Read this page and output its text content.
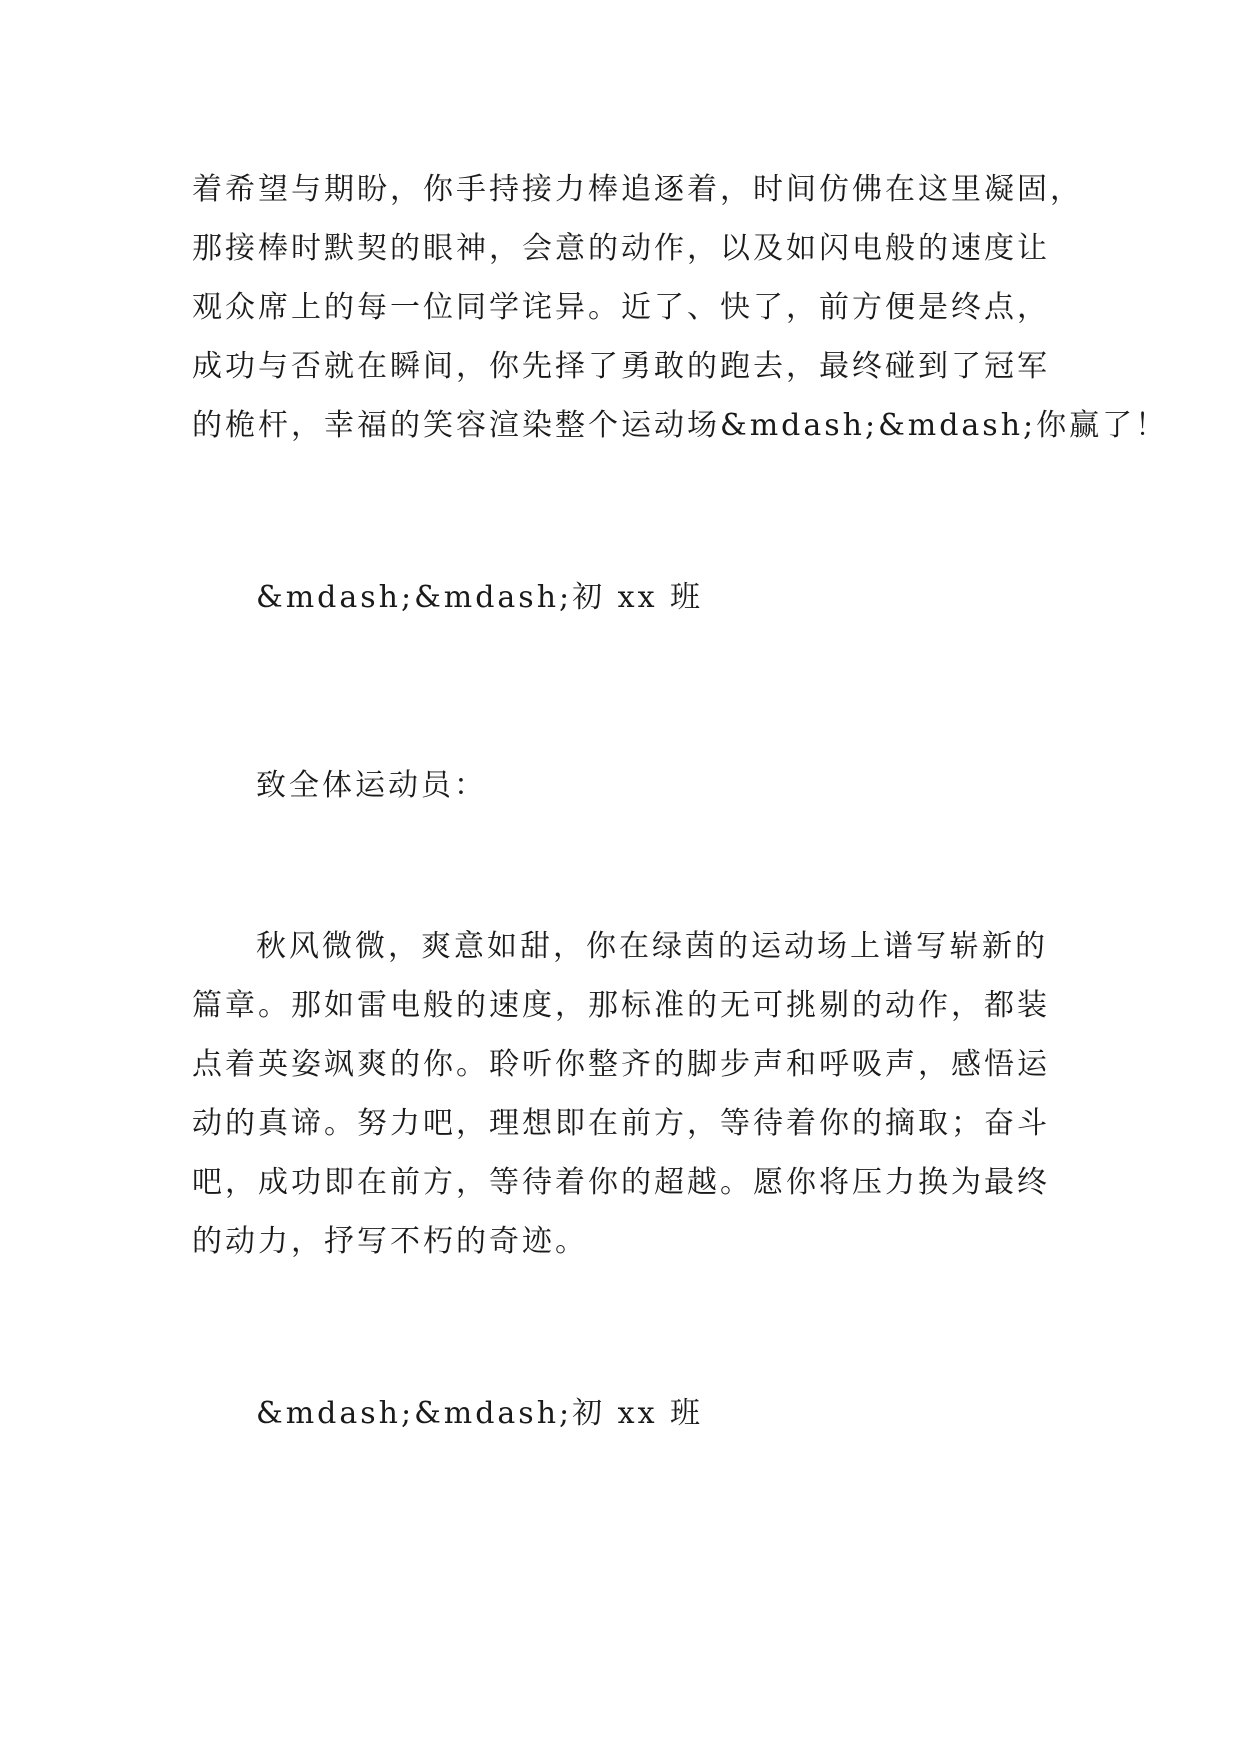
着希望与期盼，你手持接力棒追逐着，时间仿佛在这里凝固，
那接棒时默契的眼神，会意的动作，以及如闪电般的速度让
观众席上的每一位同学诧异。近了、快了，前方便是终点，
成功与否就在瞬间，你先择了勇敢的跑去，最终碰到了冠军
的桅杆，幸福的笑容渲染整个运动场&mdash;&mdash;你赢了！
&mdash;&mdash;初 xx 班
致全体运动员：
秋风微微，爽意如甜，你在绿茵的运动场上谱写崭新的
篇章。那如雷电般的速度，那标准的无可挑剔的动作，都装
点着英姿飒爽的你。聆听你整齐的脚步声和呼吸声，感悟运
动的真谛。努力吧，理想即在前方，等待着你的摘取；奋斗
吧，成功即在前方，等待着你的超越。愿你将压力换为最终
的动力，抒写不朽的奇迹。
&mdash;&mdash;初 xx 班
